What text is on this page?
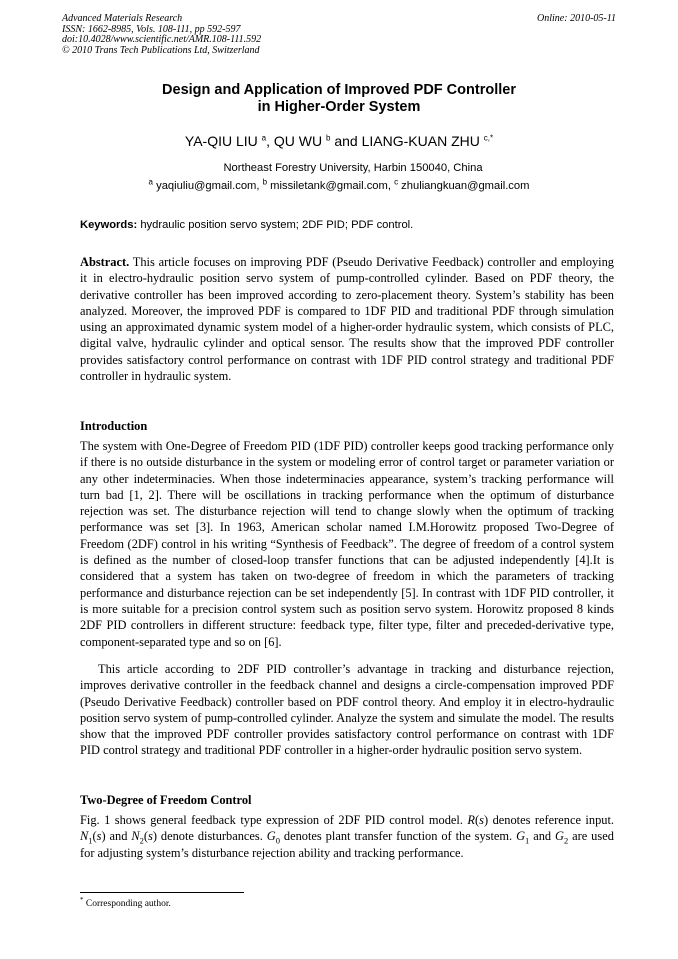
Advanced Materials Research
ISSN: 1662-8985, Vols. 108-111, pp 592-597
doi:10.4028/www.scientific.net/AMR.108-111.592
© 2010 Trans Tech Publications Ltd, Switzerland
Online: 2010-05-11
Design and Application of Improved PDF Controller
in Higher-Order System
YA-QIU LIU $^a$, QU WU $^b$ and LIANG-KUAN ZHU $^{c,*}$
Northeast Forestry University, Harbin 150040, China
$^a$ yaqiuliu@gmail.com, $^b$ missiletank@gmail.com, $^c$ zhuliangkuan@gmail.com
Keywords: hydraulic position servo system; 2DF PID; PDF control.
Abstract. This article focuses on improving PDF (Pseudo Derivative Feedback) controller and employing it in electro-hydraulic position servo system of pump-controlled cylinder. Based on PDF theory, the derivative controller has been improved according to zero-placement theory. System’s stability has been analyzed. Moreover, the improved PDF is compared to 1DF PID and traditional PDF through simulation using an approximated dynamic system model of a higher-order hydraulic system, which consists of PLC, digital valve, hydraulic cylinder and optical sensor. The results show that the improved PDF controller provides satisfactory control performance on contrast with 1DF PID control strategy and traditional PDF controller in hydraulic system.
Introduction
The system with One-Degree of Freedom PID (1DF PID) controller keeps good tracking performance only if there is no outside disturbance in the system or modeling error of control target or parameter variation or any other indeterminacies. When those indeterminacies appearance, system’s tracking performance will turn bad [1, 2]. There will be oscillations in tracking performance when the optimum of disturbance rejection was set. The disturbance rejection will tend to change slowly when the optimum of tracking performance was set [3]. In 1963, American scholar named I.M.Horowitz proposed Two-Degree of Freedom (2DF) control in his writing “Synthesis of Feedback”. The degree of freedom of a control system is defined as the number of closed-loop transfer functions that can be adjusted independently [4].It is considered that a system has taken on two-degree of freedom in which the parameters of tracking performance and disturbance rejection can be set independently [5]. In contrast with 1DF PID controller, it is more suitable for a precision control system such as position servo system. Horowitz proposed 8 kinds 2DF PID controllers in different structure: feedback type, filter type, filter and preceded-derivative type, component-separated type and so on [6].
This article according to 2DF PID controller’s advantage in tracking and disturbance rejection, improves derivative controller in the feedback channel and designs a circle-compensation improved PDF (Pseudo Derivative Feedback) controller based on PDF control theory. And employ it in electro-hydraulic position servo system of pump-controlled cylinder. Analyze the system and simulate the model. The results show that the improved PDF controller provides satisfactory control performance on contrast with 1DF PID control strategy and traditional PDF controller in a higher-order hydraulic position servo system.
Two-Degree of Freedom Control
Fig. 1 shows general feedback type expression of 2DF PID control model. R(s) denotes reference input. $N_1(s)$ and $N_2(s)$ denote disturbances. $G_0$ denotes plant transfer function of the system. $G_1$ and $G_2$ are used for adjusting system’s disturbance rejection ability and tracking performance.
* Corresponding author.
